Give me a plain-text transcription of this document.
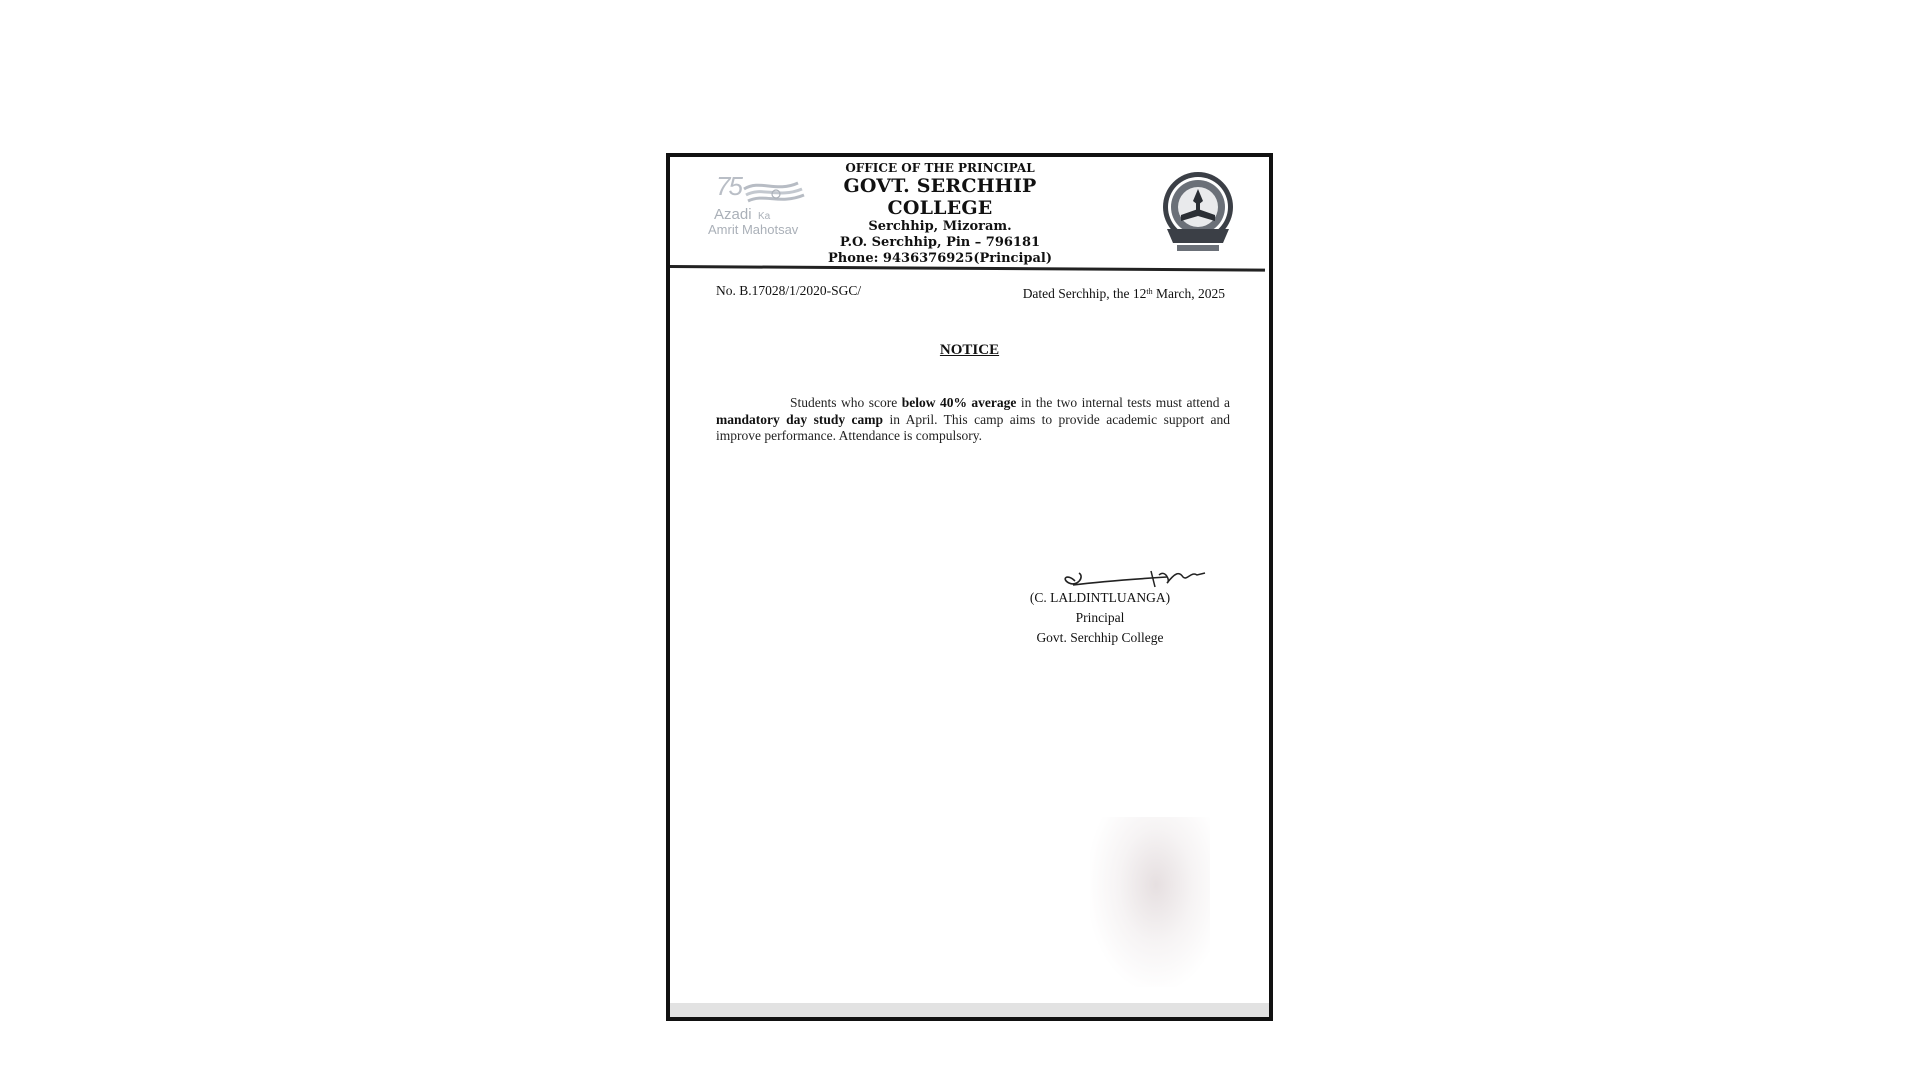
75
Azadi Ka
Amrit Mahotsav
OFFICE OF THE PRINCIPAL
GOVT. SERCHHIP COLLEGE
Serchhip, Mizoram.
P.O. Serchhip, Pin – 796181
Phone: 9436376925(Principal)
No. B.17028/1/2020-SGC/	Dated Serchhip, the 12th March, 2025
NOTICE
Students who score below 40% average in the two internal tests must attend a mandatory day study camp in April. This camp aims to provide academic support and improve performance. Attendance is compulsory.
(C. LALDINTLUANGA)
Principal
Govt. Serchhip College
